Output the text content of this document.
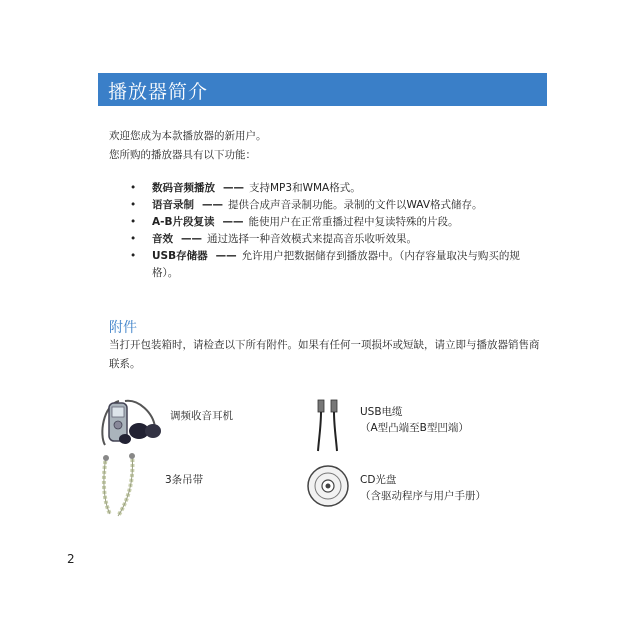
播放器简介
欢迎您成为本款播放器的新用户。
您所购的播放器具有以下功能：
• 数码音频播放 —— 支持MP3和WMA格式。
• 语音录制 —— 提供合成声音录制功能。录制的文件以WAV格式储存。
• A-B片段复读 —— 能使用户在正常重播过程中复读特殊的片段。
• 音效 —— 通过选择一种音效模式来提高音乐收听效果。
• USB存储器 —— 允许用户把数据储存到播放器中。（内存容量取决与购买的规格）。
附件
当打开包装箱时，请检查以下所有附件。如果有任何一项损坏或短缺，请立即与播放器销售商联系。
调频收音耳机	USB电缆
（A型凸端至B型凹端）
3条吊带	CD光盘
（含驱动程序与用户手册）
2
